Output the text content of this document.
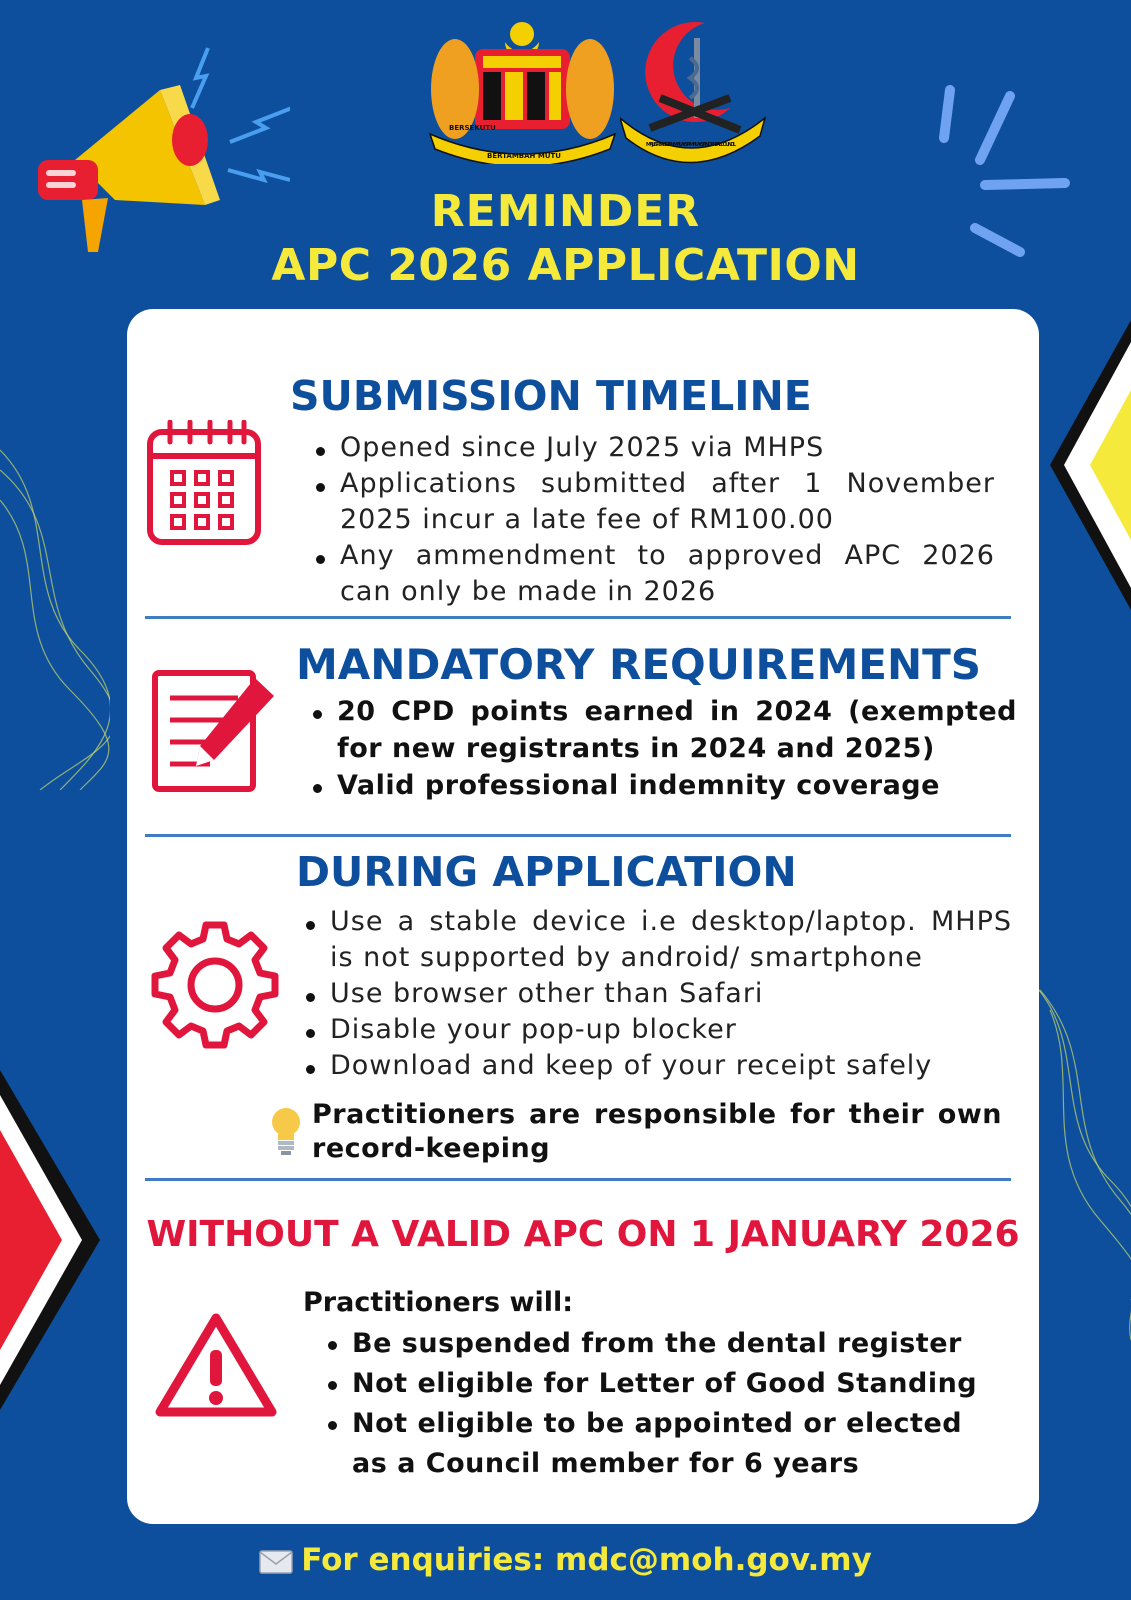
BERSEKUTU
BERTAMBAH MUTU
MAJLIS PERGIGIAN MALAYSIA MALAYSIAN DENTAL COUNCIL
REMINDER
APC 2026 APPLICATION
SUBMISSION TIMELINE
Opened since July 2025 via MHPS
Applications submitted after 1 November 2025 incur a late fee of RM100.00
Any ammendment to approved APC 2026 can only be made in 2026
MANDATORY REQUIREMENTS
20 CPD points earned in 2024 (exempted for new registrants in 2024 and 2025)
Valid professional indemnity coverage
DURING APPLICATION
Use a stable device i.e desktop/laptop. MHPS is not supported by android/ smartphone
Use browser other than Safari
Disable your pop-up blocker
Download and keep of your receipt safely
Practitioners are responsible for their own record-keeping
WITHOUT A VALID APC ON 1 JANUARY 2026
Practitioners will:
Be suspended from the dental register
Not eligible for Letter of Good Standing
Not eligible to be appointed or elected as a Council member for 6 years
For enquiries: mdc@moh.gov.my
